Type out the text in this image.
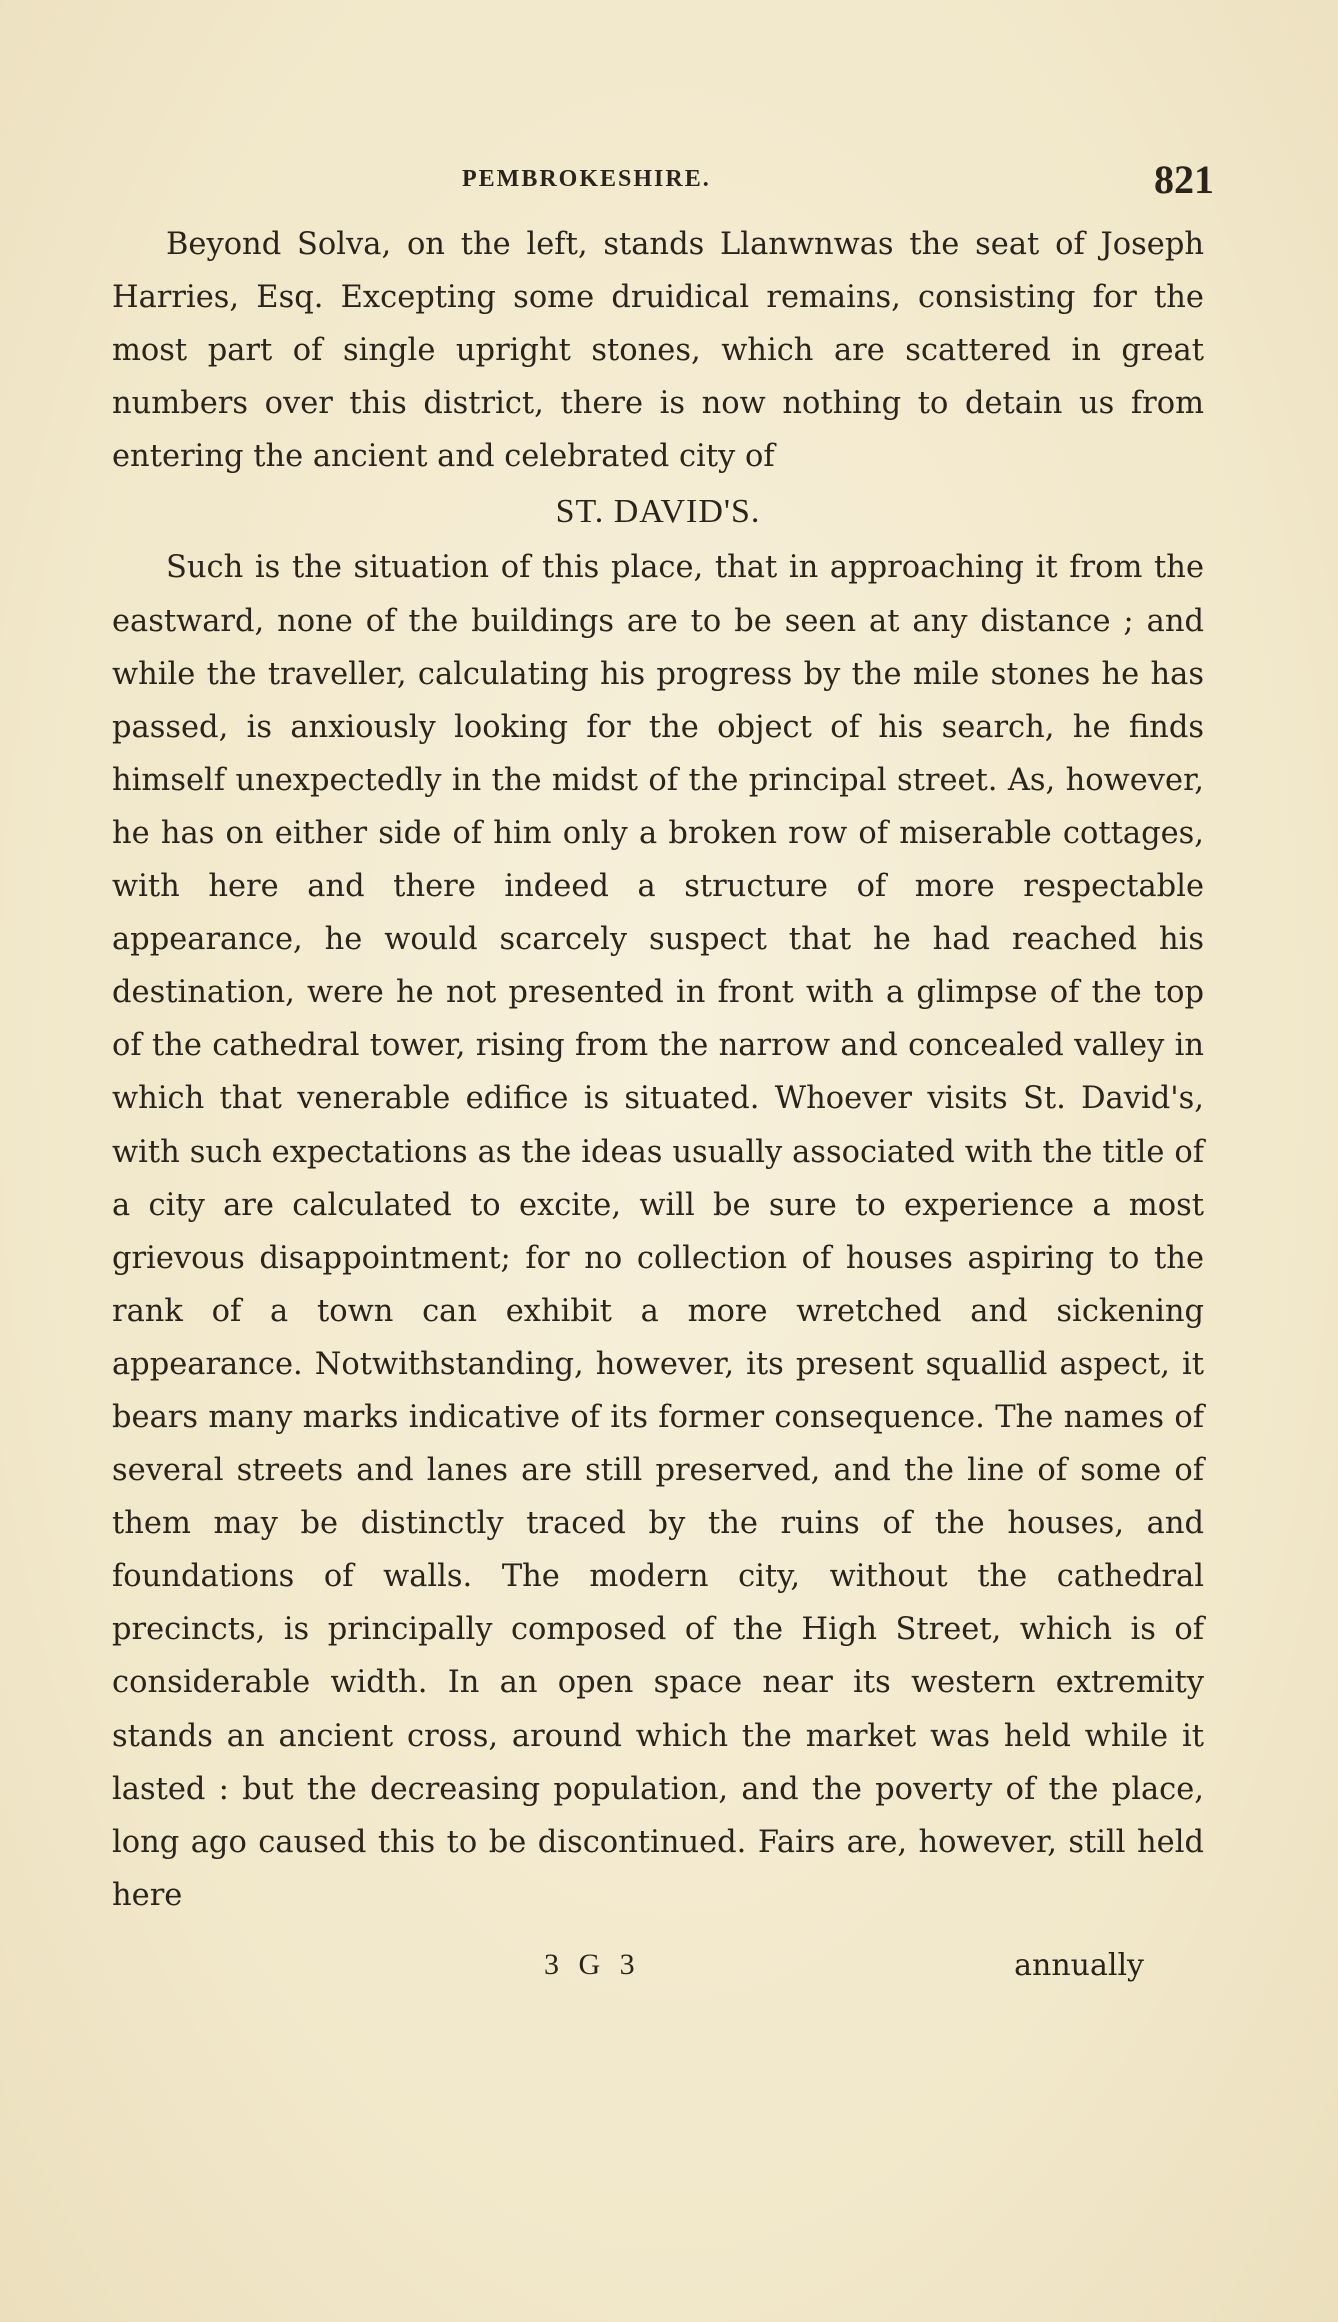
PEMBROKESHIRE.	821

Beyond Solva, on the left, stands Llanwnwas the seat of Joseph Harries, Esq. Excepting some druidical remains, consisting for the most part of single upright stones, which are scattered in great numbers over this district, there is now nothing to detain us from entering the ancient and celebrated city of

ST. DAVID'S.

Such is the situation of this place, that in approaching it from the eastward, none of the buildings are to be seen at any distance ; and while the traveller, calculating his progress by the mile stones he has passed, is anxiously looking for the object of his search, he finds himself unexpectedly in the midst of the principal street. As, however, he has on either side of him only a broken row of miserable cottages, with here and there indeed a structure of more respectable appearance, he would scarcely suspect that he had reached his destination, were he not presented in front with a glimpse of the top of the cathedral tower, rising from the narrow and concealed valley in which that venerable edifice is situated. Whoever visits St. David's, with such expectations as the ideas usually associated with the title of a city are calculated to excite, will be sure to experience a most grievous disappointment; for no collection of houses aspiring to the rank of a town can exhibit a more wretched and sickening appearance. Notwithstanding, however, its present squallid aspect, it bears many marks indicative of its former consequence. The names of several streets and lanes are still preserved, and the line of some of them may be distinctly traced by the ruins of the houses, and foundations of walls. The modern city, without the cathedral precincts, is principally composed of the High Street, which is of considerable width. In an open space near its western extremity stands an ancient cross, around which the market was held while it lasted : but the decreasing population, and the poverty of the place, long ago caused this to be discontinued. Fairs are, however, still held here

3 G 3	annually
